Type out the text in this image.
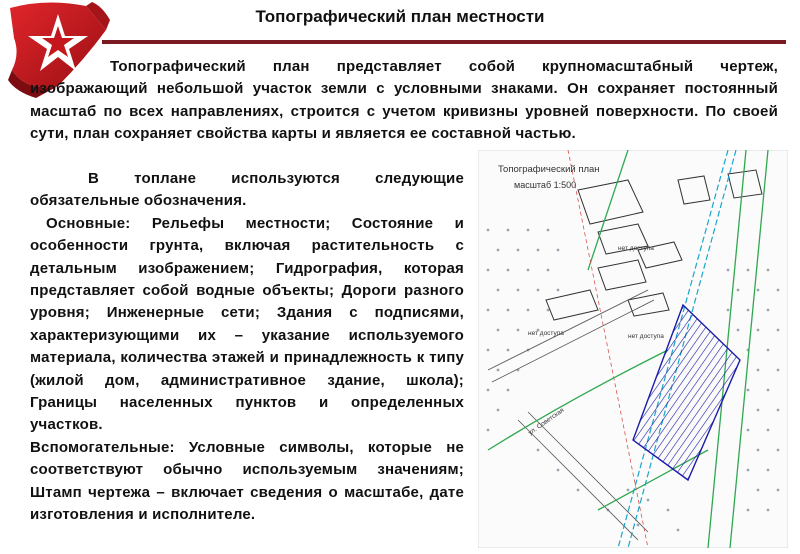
Топографический план местности
Топографический план представляет собой крупномасштабный чертеж, изображающий небольшой участок земли с условными знаками. Он сохраняет постоянный масштаб по всех направлениях, строится с учетом кривизны уровней поверхности. По своей сути, план сохраняет свойства карты и является ее составной частью.

В топлане используются следующие обязательные обозначения.

Основные: Рельефы местности; Состояние и особенности грунта, включая растительность с детальным изображением; Гидрография, которая представляет собой водные объекты; Дороги разного уровня; Инженерные сети; Здания с подписями, характеризующими их – указание используемого материала, количества этажей и принадлежность к типу (жилой дом, административное здание, школа); Границы населенных пунктов и определенных участков.

Вспомогательные: Условные символы, которые не соответствуют обычно используемым значениям; Штамп чертежа – включает сведения о масштабе, дате изготовления и исполнителе.

нет доступа
нет доступа	нет доступа
ул. Советская
Топографический план
масштаб 1:500
